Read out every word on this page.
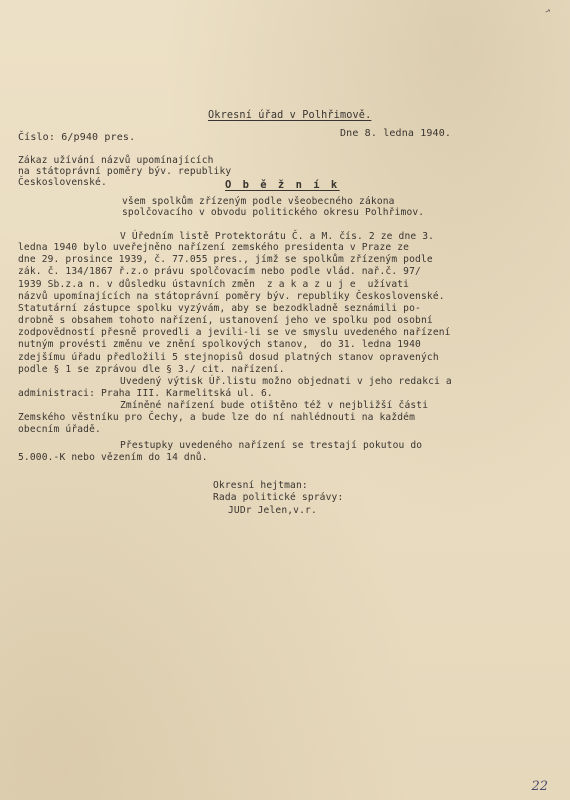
Okresní úřad v Polhřimově.
Číslo: 6/p940 pres.	Dne 8. ledna 1940.
Zákaz užívání názvů upomínajících
na státoprávní poměry býv. republiky
Československé.	O b ě ž n í k
všem spolkům zřízeným podle všeobecného zákona
spolčovacího v obvodu politického okresu Polhřimov.
V Úředním listě Protektorátu Č. a M. čís. 2 ze dne 3.
ledna 1940 bylo uveřejněno nařízení zemského presidenta v Praze ze
dne 29. prosince 1939, č. 77.055 pres., jímž se spolkům zřízeným podle
zák. č. 134/1867 ř.z.o právu spolčovacím nebo podle vlád. nař.č. 97/
1939 Sb.z.a n. v důsledku ústavních změn  z a k a z u j e  užívati
názvů upomínajících na státoprávní poměry býv. republiky Československé.
Statutární zástupce spolku vyzývám, aby se bezodkladně seznámili po-
drobně s obsahem tohoto nařízení, ustanovení jeho ve spolku pod osobní
zodpovědností přesně provedli a jevili-li se ve smyslu uvedeného nařízení
nutným provésti změnu ve znění spolkových stanov,  do 31. ledna 1940
zdejšímu úřadu předložili 5 stejnopisů dosud platných stanov opravených
podle § 1 se zprávou dle § 3./ cit. nařízení.
Uvedený výtisk Úř.listu možno objednati v jeho redakci a
administraci: Praha III. Karmelitská ul. 6.
Zmíněné nařízení bude otištěno též v nejbližší části
Zemského věstníku pro Čechy, a bude lze do ní nahlédnouti na každém
obecním úřadě.
Přestupky uvedeného nařízení se trestají pokutou do
5.000.-K nebo vězením do 14 dnů.
Okresní hejtman:
Rada politické správy:
JUDr Jelen,v.r.
↗
22
